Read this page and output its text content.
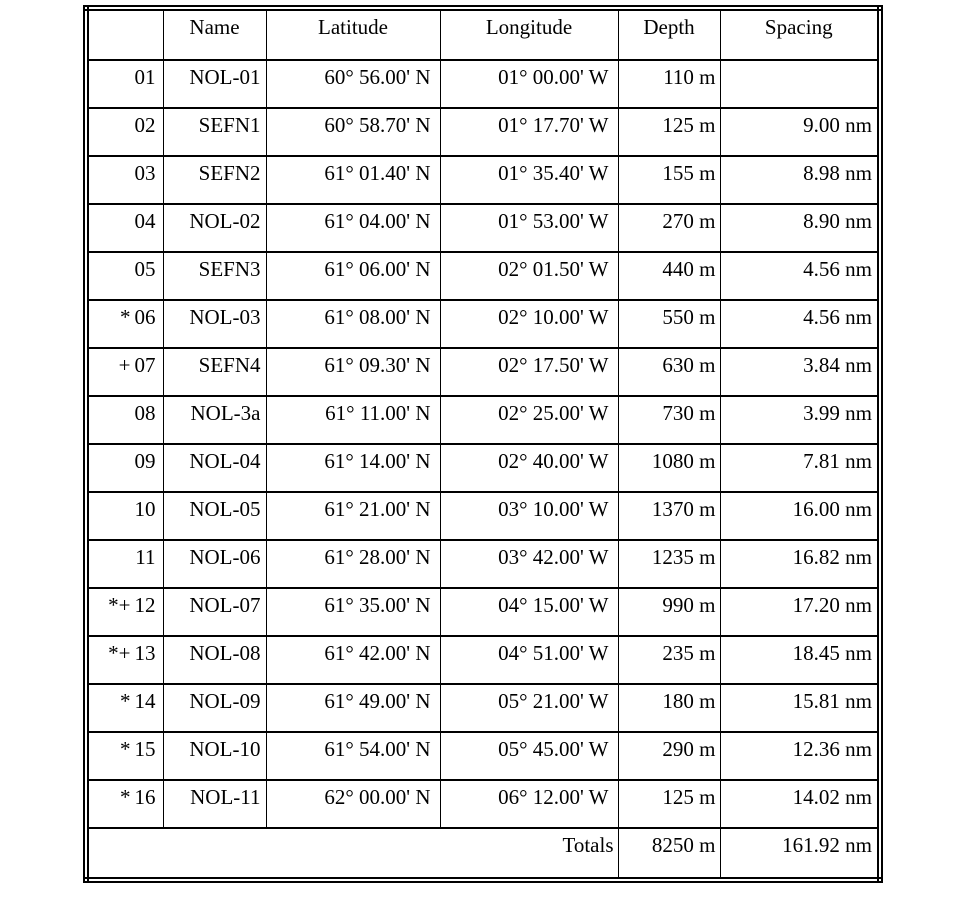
	Name	Latitude	Longitude	Depth	Spacing
01	NOL-01	60° 56.00' N	01° 00.00' W	110 m	
02	SEFN1	60° 58.70' N	01° 17.70' W	125 m	9.00 nm
03	SEFN2	61° 01.40' N	01° 35.40' W	155 m	8.98 nm
04	NOL-02	61° 04.00' N	01° 53.00' W	270 m	8.90 nm
05	SEFN3	61° 06.00' N	02° 01.50' W	440 m	4.56 nm
* 06	NOL-03	61° 08.00' N	02° 10.00' W	550 m	4.56 nm
+ 07	SEFN4	61° 09.30' N	02° 17.50' W	630 m	3.84 nm
08	NOL-3a	61° 11.00' N	02° 25.00' W	730 m	3.99 nm
09	NOL-04	61° 14.00' N	02° 40.00' W	1080 m	7.81 nm
10	NOL-05	61° 21.00' N	03° 10.00' W	1370 m	16.00 nm
11	NOL-06	61° 28.00' N	03° 42.00' W	1235 m	16.82 nm
*+ 12	NOL-07	61° 35.00' N	04° 15.00' W	990 m	17.20 nm
*+ 13	NOL-08	61° 42.00' N	04° 51.00' W	235 m	18.45 nm
* 14	NOL-09	61° 49.00' N	05° 21.00' W	180 m	15.81 nm
* 15	NOL-10	61° 54.00' N	05° 45.00' W	290 m	12.36 nm
* 16	NOL-11	62° 00.00' N	06° 12.00' W	125 m	14.02 nm
Totals				8250 m	161.92 nm
